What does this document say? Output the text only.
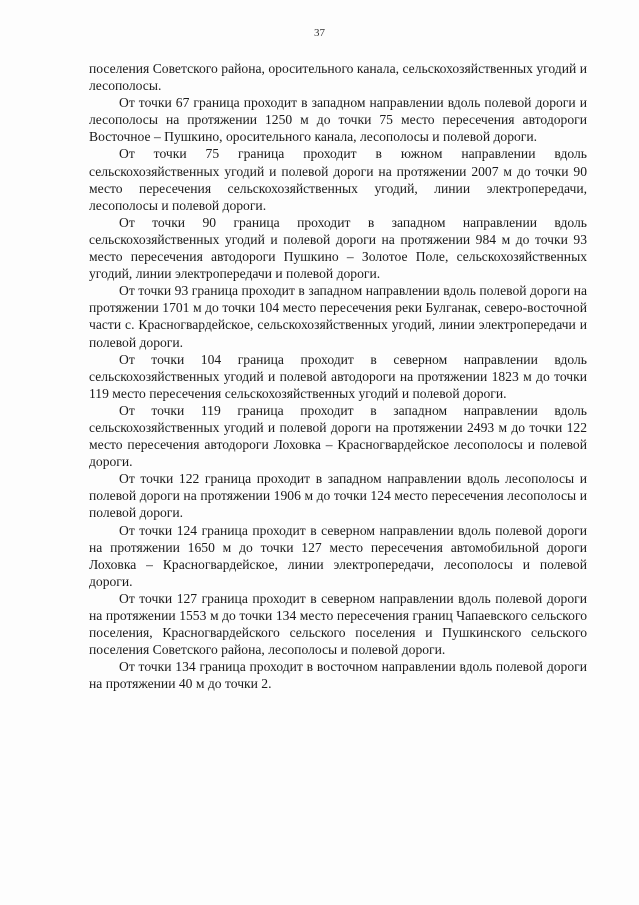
37

поселения Советского района, оросительного канала, сельскохозяйственных угодий и лесополосы.

От точки 67 граница проходит в западном направлении вдоль полевой дороги и лесополосы на протяжении 1250 м до точки 75 место пересечения автодороги Восточное – Пушкино, оросительного канала, лесополосы и полевой дороги.

От точки 75 граница проходит в южном направлении вдоль сельскохозяйственных угодий и полевой дороги на протяжении 2007 м до точки 90 место пересечения сельскохозяйственных угодий, линии электропередачи, лесополосы и полевой дороги.

От точки 90 граница проходит в западном направлении вдоль сельскохозяйственных угодий и полевой дороги на протяжении 984 м до точки 93 место пересечения автодороги Пушкино – Золотое Поле, сельскохозяйственных угодий, линии электропередачи и полевой дороги.

От точки 93 граница проходит в западном направлении вдоль полевой дороги на протяжении 1701 м до точки 104 место пересечения реки Булганак, северо-восточной части с. Красногвардейское, сельскохозяйственных угодий, линии электропередачи и полевой дороги.

От точки 104 граница проходит в северном направлении вдоль сельскохозяйственных угодий и полевой автодороги на протяжении 1823 м до точки 119 место пересечения сельскохозяйственных угодий и полевой дороги.

От точки 119 граница проходит в западном направлении вдоль сельскохозяйственных угодий и полевой дороги на протяжении 2493 м до точки 122 место пересечения автодороги Лоховка – Красногвардейское лесополосы и полевой дороги.

От точки 122 граница проходит в западном направлении вдоль лесополосы и полевой дороги на протяжении 1906 м до точки 124 место пересечения лесополосы и полевой дороги.

От точки 124 граница проходит в северном направлении вдоль полевой дороги на протяжении 1650 м до точки 127 место пересечения автомобильной дороги Лоховка – Красногвардейское, линии электропередачи, лесополосы и полевой дороги.

От точки 127 граница проходит в северном направлении вдоль полевой дороги на протяжении 1553 м до точки 134 место пересечения границ Чапаевского сельского поселения, Красногвардейского сельского поселения и Пушкинского сельского поселения Советского района, лесополосы и полевой дороги.

От точки 134 граница проходит в восточном направлении вдоль полевой дороги на протяжении 40 м до точки 2.
